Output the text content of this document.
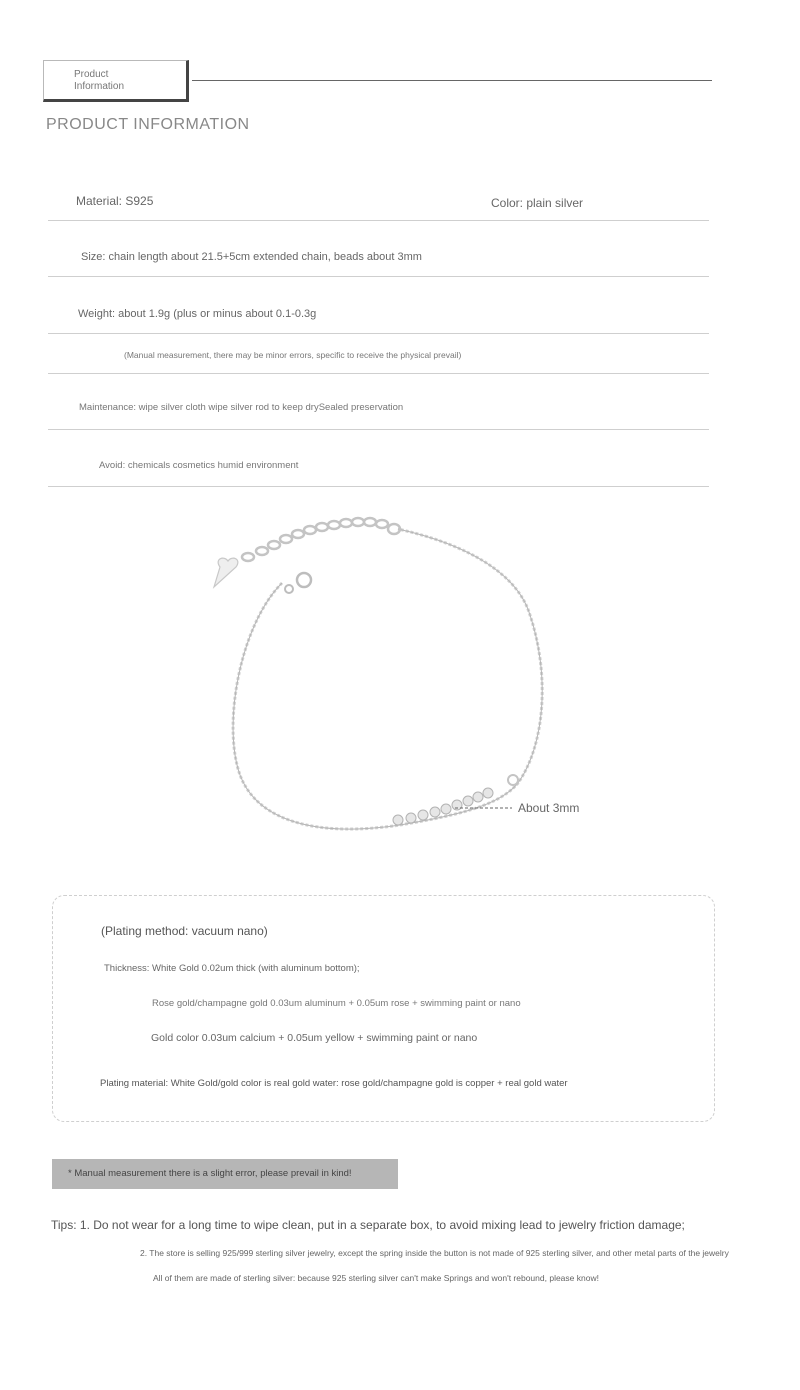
Product
Information
PRODUCT INFORMATION
Material: S925	Color: plain silver
Size: chain length about 21.5+5cm extended chain, beads about 3mm
Weight: about 1.9g (plus or minus about 0.1-0.3g
(Manual measurement, there may be minor errors, specific to receive the physical prevail)
Maintenance: wipe silver cloth wipe silver rod to keep drySealed preservation
Avoid: chemicals cosmetics humid environment
About 3mm
(Plating method: vacuum nano)
Thickness: White Gold 0.02um thick (with aluminum bottom);
Rose gold/champagne gold 0.03um aluminum + 0.05um rose + swimming paint or nano
Gold color 0.03um calcium + 0.05um yellow + swimming paint or nano
Plating material: White Gold/gold color is real gold water: rose gold/champagne gold is copper + real gold water
* Manual measurement there is a slight error, please prevail in kind!
Tips: 1. Do not wear for a long time to wipe clean, put in a separate box, to avoid mixing lead to jewelry friction damage;
2. The store is selling 925/999 sterling silver jewelry, except the spring inside the button is not made of 925 sterling silver, and other metal parts of the jewelry
All of them are made of sterling silver: because 925 sterling silver can't make Springs and won't rebound, please know!
